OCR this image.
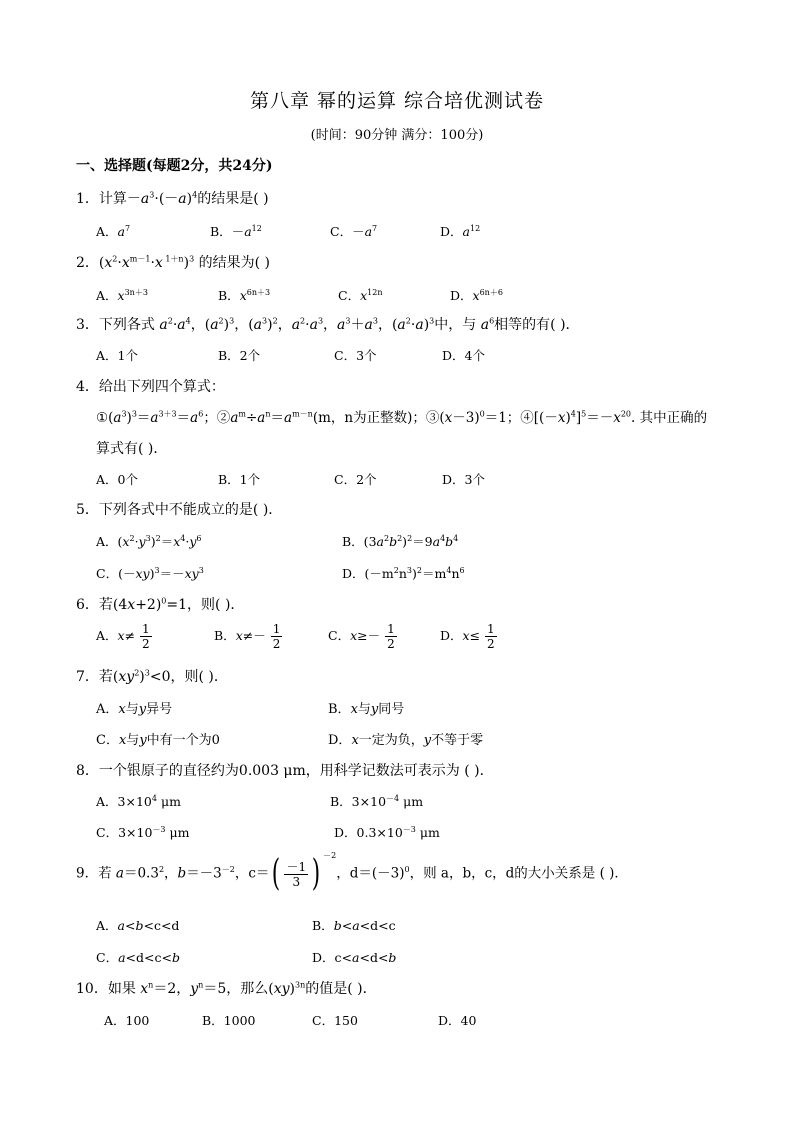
第八章 幂的运算 综合培优测试卷
(时间：90分钟 满分：100分)
一、选择题(每题2分，共24分)
1．计算$-a^3\cdot(-a)^4$的结果是( )
A．$a^7$	B．$-a^{12}$	C．$-a^7$	D．$a^{12}$
2．($x^2\cdot x^{m-1}\cdot x$ $^{1+n}$)$^3$ 的结果为( )
A．$x^{3n+3}$	B．$x^{6n+3}$	C．$x^{12n}$	D．$x^{6n+6}$
3．下列各式 $a^2\cdot a^4$，$(a^2)^3$，$(a^3)^2$，$a^2\cdot a^3$，$a^3+a^3$，$(a^2\cdot a)^3$中，与 $a^6$相等的有( )．
A．1个	B．2个	C．3个	D．4个
4．给出下列四个算式：
$①(a^3)^3=a^{3+3}=a^6$；$②a^m\div a^n=a^{m-n}(m$，n为正整数)；$③(x-3)^0=1$；$④[(-x)^4]^5=-x^{20}$. 其中正确的
算式有( )．
A．0个	B．1个	C．2个	D．3个
5．下列各式中不能成立的是( )．
A．$(x^2\cdot y^3)^2=x^4\cdot y^6$	B．$(3a^2b^2)^2=9a^4b^4$
C．$(-xy)^3=-xy^3$	D．$(-m^2n^3)^2=m^4n^6$
6．若$(4x+2)^0=1$，则( )．
A．$x\ne \frac{1}{2}$	B．$x\ne- \frac{1}{2}$	C．$x\ge- \frac{1}{2}$	D．$x\le \frac{1}{2}$
7．若$(xy^2)^3<0$，则( )．
A．x与y异号	B．x与y同号
C．x与y中有一个为0	D．x一定为负，y不等于零
8．一个银原子的直径约为0.003 μm，用科学记数法可表示为 ( )．
A．$3\times 10^4$ μm	B．$3\times 10^{-4}$ μm
C．$3\times 10^{-3}$ μm	D．$0.3\times 10^{-3}$ μm
9．若 $a=0.3^2$，$b=-3^{-2}$，$c=( \frac{-1}{3}$ ) $^{-2}$，$d=(-3)^0$，则 a，b，c，d的大小关系是 ( )．
A．a<b<c<d	B．b<a<d<c
C．a<d<c<b	D．c<a<d<b
10．如果 $x^n=2$，$y^n=5$，那么(xy)$^{3n}$的值是( )．
A．100	B．1000	C．150	D．40
